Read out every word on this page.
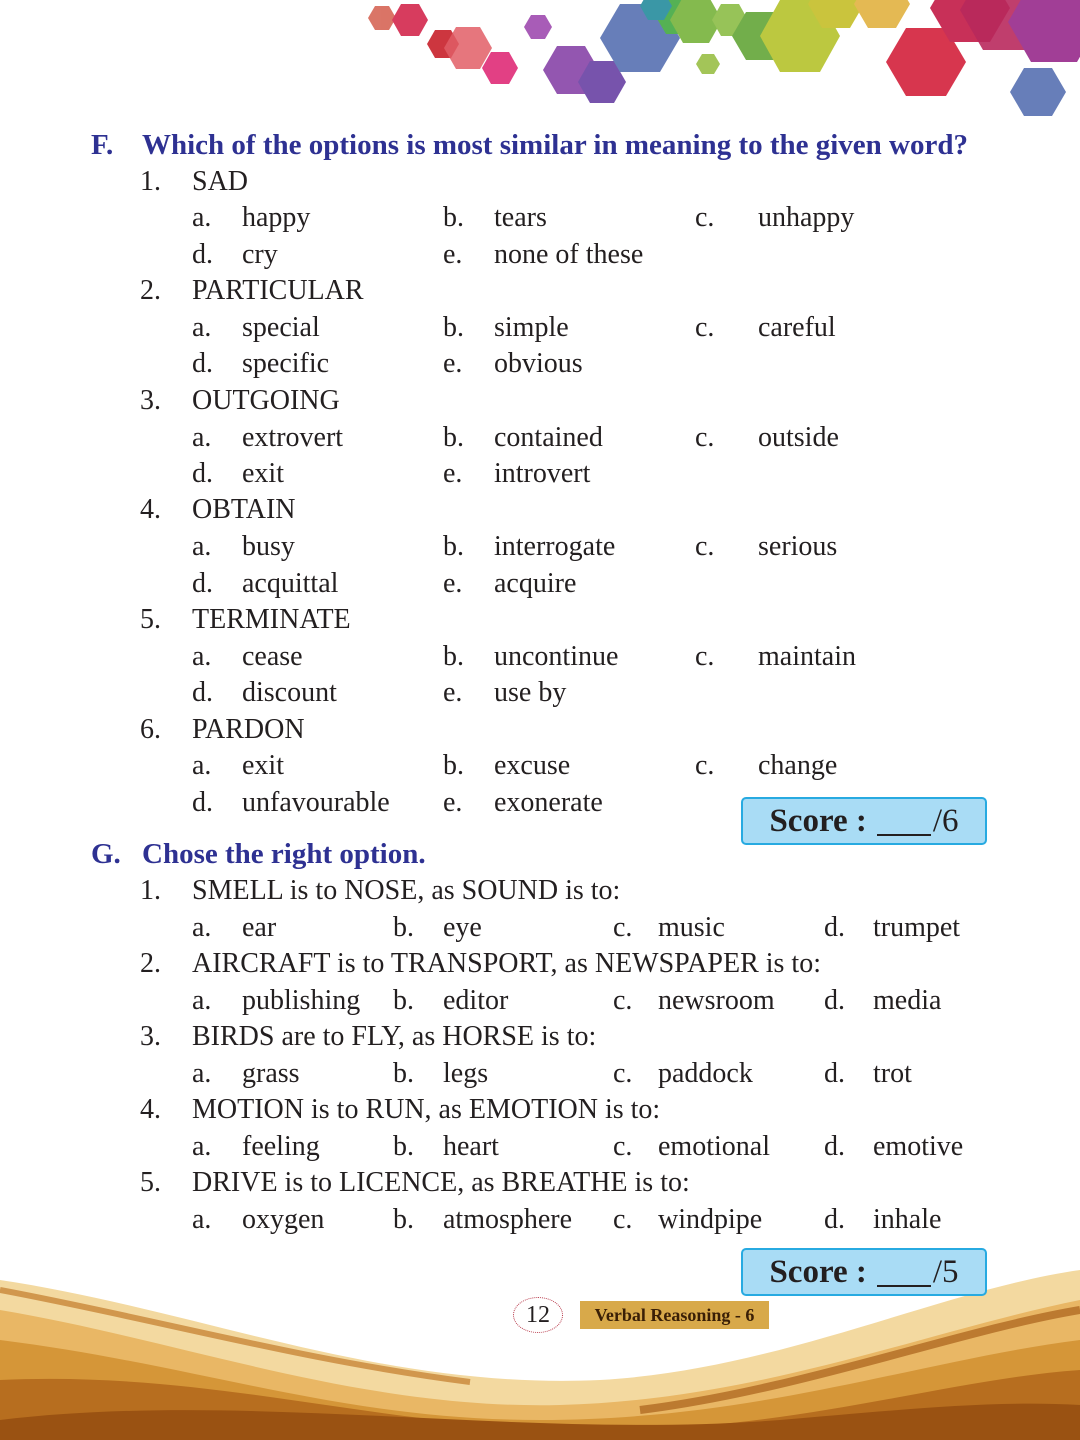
F. Which of the options is most similar in meaning to the given word?
1. SAD
a. happy	b. tears	c. unhappy
d. cry	e. none of these
2. PARTICULAR
a. special	b. simple	c. careful
d. specific	e. obvious
3. OUTGOING
a. extrovert	b. contained	c. outside
d. exit	e. introvert
4. OBTAIN
a. busy	b. interrogate	c. serious
d. acquittal	e. acquire
5. TERMINATE
a. cease	b. uncontinue	c. maintain
d. discount	e. use by
6. PARDON
a. exit	b. excuse	c. change
d. unfavourable e. exonerate	Score : /6
G. Chose the right option.
1. SMELL is to NOSE, as SOUND is to:
a. ear	b. eye	c. music	d. trumpet
2. AIRCRAFT is to TRANSPORT, as NEWSPAPER is to:
a. publishing b. editor	c. newsroom d. media
3. BIRDS are to FLY, as HORSE is to:
a. grass	b. legs	c. paddock	d. trot
4. MOTION is to RUN, as EMOTION is to:
a. feeling	b. heart	c. emotional d. emotive
5. DRIVE is to LICENCE, as BREATHE is to:
a. oxygen b. atmosphere c. windpipe d. inhale
Score : /5
12	Verbal Reasoning - 6
